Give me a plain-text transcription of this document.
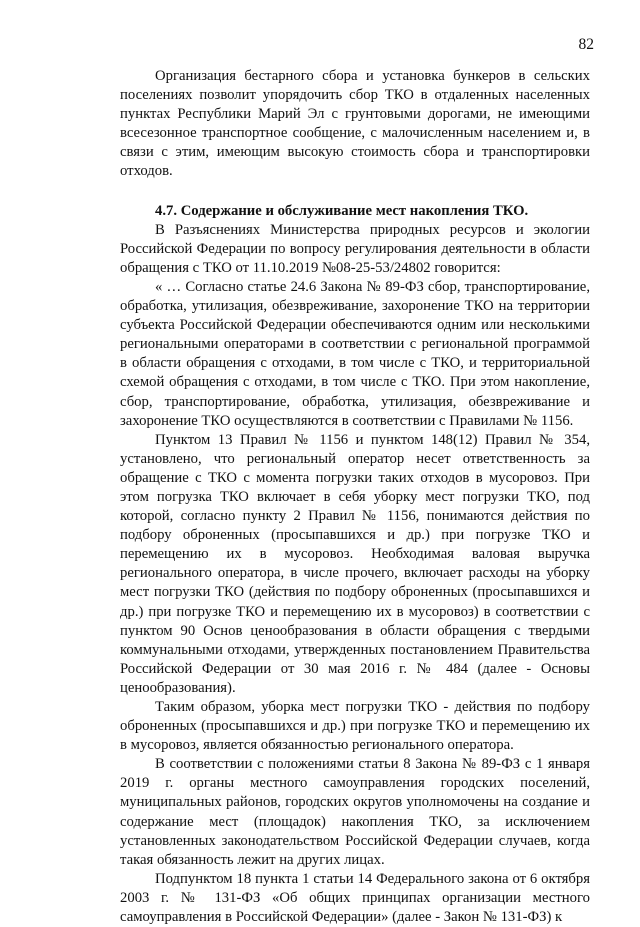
82

Организация бестарного сбора и установка бункеров в сельских поселениях позволит упорядочить сбор ТКО в отдаленных населенных пунктах Республики Марий Эл с грунтовыми дорогами, не имеющими всесезонное транспортное сообщение, с малочисленным населением и, в связи с этим, имеющим высокую стоимость сбора и транспортировки отходов.

4.7. Содержание и обслуживание мест накопления ТКО.

В Разъяснениях Министерства природных ресурсов и экологии Российской Федерации по вопросу регулирования деятельности в области обращения с ТКО от 11.10.2019 №08-25-53/24802 говорится:

« … Согласно статье 24.6 Закона № 89-ФЗ сбор, транспортирование, обработка, утилизация, обезвреживание, захоронение ТКО на территории субъекта Российской Федерации обеспечиваются одним или несколькими региональными операторами в соответствии с региональной программой в области обращения с отходами, в том числе с ТКО, и территориальной схемой обращения с отходами, в том числе с ТКО. При этом накопление, сбор, транспортирование, обработка, утилизация, обезвреживание и захоронение ТКО осуществляются в соответствии с Правилами № 1156.

Пунктом 13 Правил № 1156 и пунктом 148(12) Правил № 354, установлено, что региональный оператор несет ответственность за обращение с ТКО с момента погрузки таких отходов в мусоровоз. При этом погрузка ТКО включает в себя уборку мест погрузки ТКО, под которой, согласно пункту 2 Правил № 1156, понимаются действия по подбору оброненных (просыпавшихся и др.) при погрузке ТКО и перемещению их в мусоровоз. Необходимая валовая выручка регионального оператора, в числе прочего, включает расходы на уборку мест погрузки ТКО (действия по подбору оброненных (просыпавшихся и др.) при погрузке ТКО и перемещению их в мусоровоз) в соответствии с пунктом 90 Основ ценообразования в области обращения с твердыми коммунальными отходами, утвержденных постановлением Правительства Российской Федерации от 30 мая 2016 г. № 484 (далее - Основы ценообразования).

Таким образом, уборка мест погрузки ТКО - действия по подбору оброненных (просыпавшихся и др.) при погрузке ТКО и перемещению их в мусоровоз, является обязанностью регионального оператора.

В соответствии с положениями статьи 8 Закона № 89-ФЗ с 1 января 2019 г. органы местного самоуправления городских поселений, муниципальных районов, городских округов уполномочены на создание и содержание мест (площадок) накопления ТКО, за исключением установленных законодательством Российской Федерации случаев, когда такая обязанность лежит на других лицах.

Подпунктом 18 пункта 1 статьи 14 Федерального закона от 6 октября 2003 г. № 131-ФЗ «Об общих принципах организации местного самоуправления в Российской Федерации» (далее - Закон № 131-ФЗ) к
